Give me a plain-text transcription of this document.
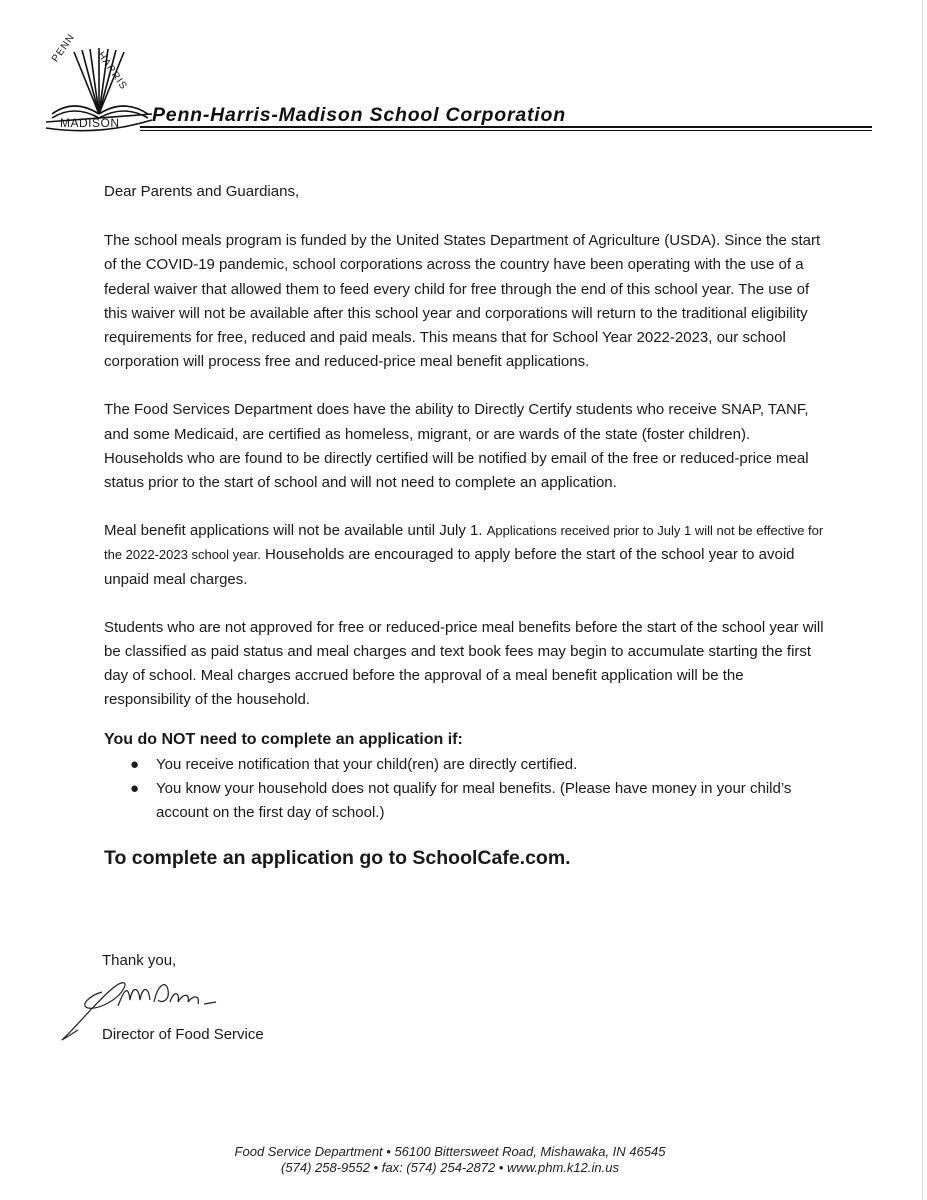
PENN
HARRIS
MADISON Penn-Harris-Madison School Corporation

Dear Parents and Guardians,

The school meals program is funded by the United States Department of Agriculture (USDA). Since the start of the COVID-19 pandemic, school corporations across the country have been operating with the use of a federal waiver that allowed them to feed every child for free through the end of this school year. The use of this waiver will not be available after this school year and corporations will return to the traditional eligibility requirements for free, reduced and paid meals. This means that for School Year 2022-2023, our school corporation will process free and reduced-price meal benefit applications.

The Food Services Department does have the ability to Directly Certify students who receive SNAP, TANF, and some Medicaid, are certified as homeless, migrant, or are wards of the state (foster children). Households who are found to be directly certified will be notified by email of the free or reduced-price meal status prior to the start of school and will not need to complete an application.

Meal benefit applications will not be available until July 1. Applications received prior to July 1 will not be effective for the 2022-2023 school year. Households are encouraged to apply before the start of the school year to avoid unpaid meal charges.

Students who are not approved for free or reduced-price meal benefits before the start of the school year will be classified as paid status and meal charges and text book fees may begin to accumulate starting the first day of school. Meal charges accrued before the approval of a meal benefit application will be the responsibility of the household.

You do NOT need to complete an application if:

● You receive notification that your child(ren) are directly certified.
● You know your household does not qualify for meal benefits. (Please have money in your child’s account on the first day of school.)

To complete an application go to SchoolCafe.com.

Thank you,
Director of Food Service
Food Service Department • 56100 Bittersweet Road, Mishawaka, IN 46545
(574) 258-9552 • fax: (574) 254-2872 • www.phm.k12.in.us
